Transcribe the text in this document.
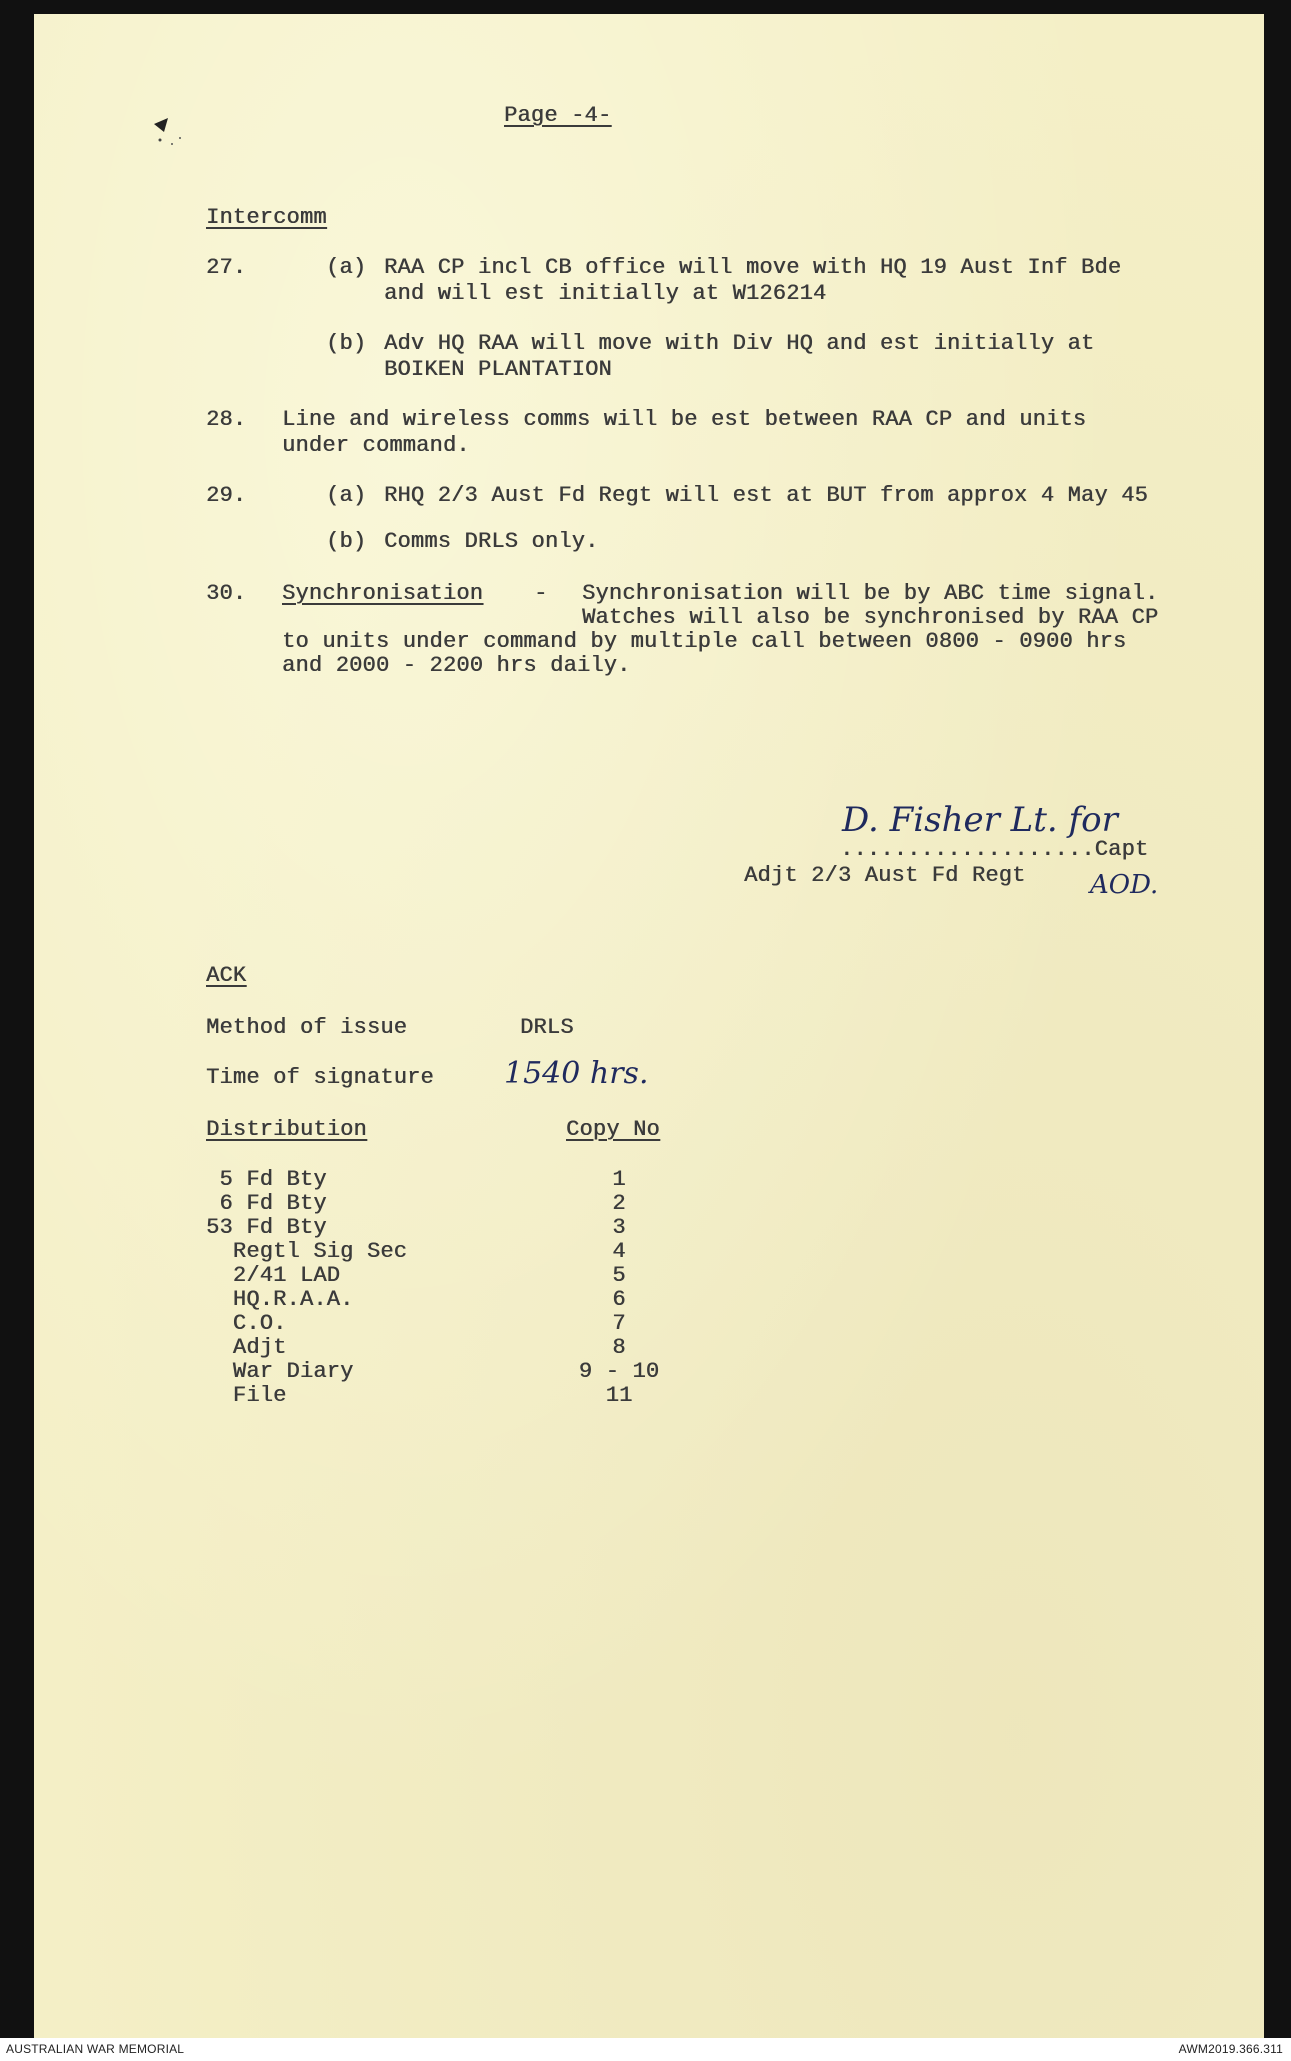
Page -4-
Intercomm
27.	(a) RAA CP incl CB office will move with HQ 19 Aust Inf Bde
and will est initially at W126214
(b) Adv HQ RAA will move with Div HQ and est initially at
BOIKEN PLANTATION
28. Line and wireless comms will be est between RAA CP and units
under command.
29.	(a) RHQ 2/3 Aust Fd Regt will est at BUT from approx 4 May 45
(b) Comms DRLS only.
30. Synchronisation - Synchronisation will be by ABC time signal.
Watches will also be synchronised by RAA CP
to units under command by multiple call between 0800 - 0900 hrs
and 2000 - 2200 hrs daily.
D. Fisher Lt. for
...................Capt
Adjt 2/3 Aust Fd Regt AOD.
ACK
Method of issue	DRLS
Time of signature 1540 hrs.
Distribution	Copy No
5 Fd Bty	1
6 Fd Bty	2
53 Fd Bty	3
Regtl Sig Sec	4
2/41 LAD	5
HQ.R.A.A.	6
C.O.	7
Adjt	8
War Diary	9 - 10
File	11
AUSTRALIAN WAR MEMORIAL	AWM2019.366.311
